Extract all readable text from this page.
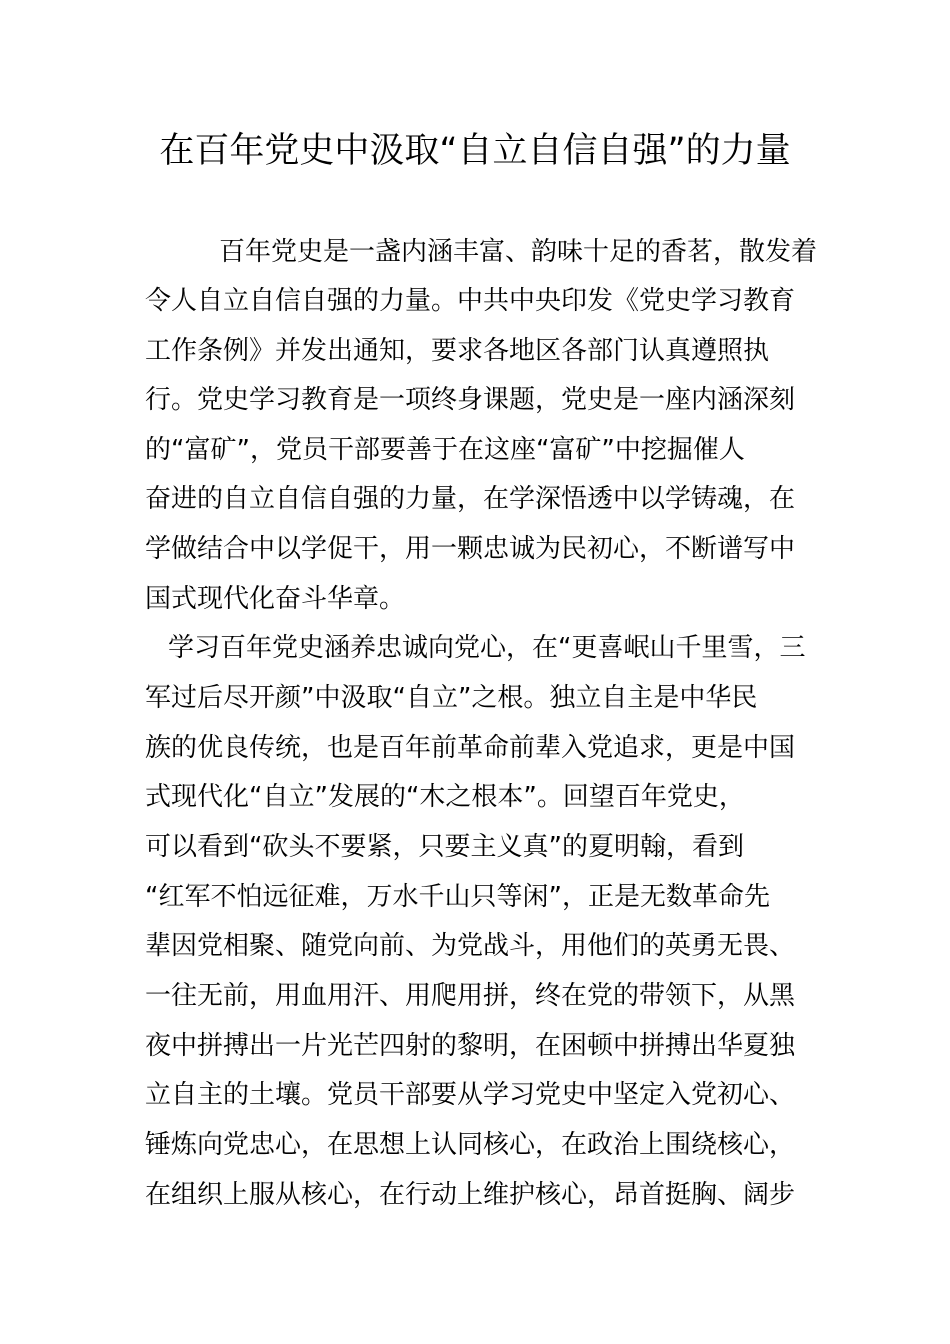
在百年党史中汲取“自立自信自强”的力量
百年党史是一盏内涵丰富、韵味十足的香茗，散发着
令人自立自信自强的力量。中共中央印发《党史学习教育
工作条例》并发出通知，要求各地区各部门认真遵照执
行。党史学习教育是一项终身课题，党史是一座内涵深刻
的“富矿”，党员干部要善于在这座“富矿”中挖掘催人
奋进的自立自信自强的力量，在学深悟透中以学铸魂，在
学做结合中以学促干，用一颗忠诚为民初心，不断谱写中
国式现代化奋斗华章。
学习百年党史涵养忠诚向党心，在“更喜岷山千里雪，三
军过后尽开颜”中汲取“自立”之根。独立自主是中华民
族的优良传统，也是百年前革命前辈入党追求，更是中国
式现代化“自立”发展的“木之根本”。回望百年党史，
可以看到“砍头不要紧，只要主义真”的夏明翰，看到
“红军不怕远征难，万水千山只等闲”，正是无数革命先
辈因党相聚、随党向前、为党战斗，用他们的英勇无畏、
一往无前，用血用汗、用爬用拼，终在党的带领下，从黑
夜中拼搏出一片光芒四射的黎明，在困顿中拼搏出华夏独
立自主的土壤。党员干部要从学习党史中坚定入党初心、
锤炼向党忠心，在思想上认同核心，在政治上围绕核心，
在组织上服从核心，在行动上维护核心，昂首挺胸、阔步
